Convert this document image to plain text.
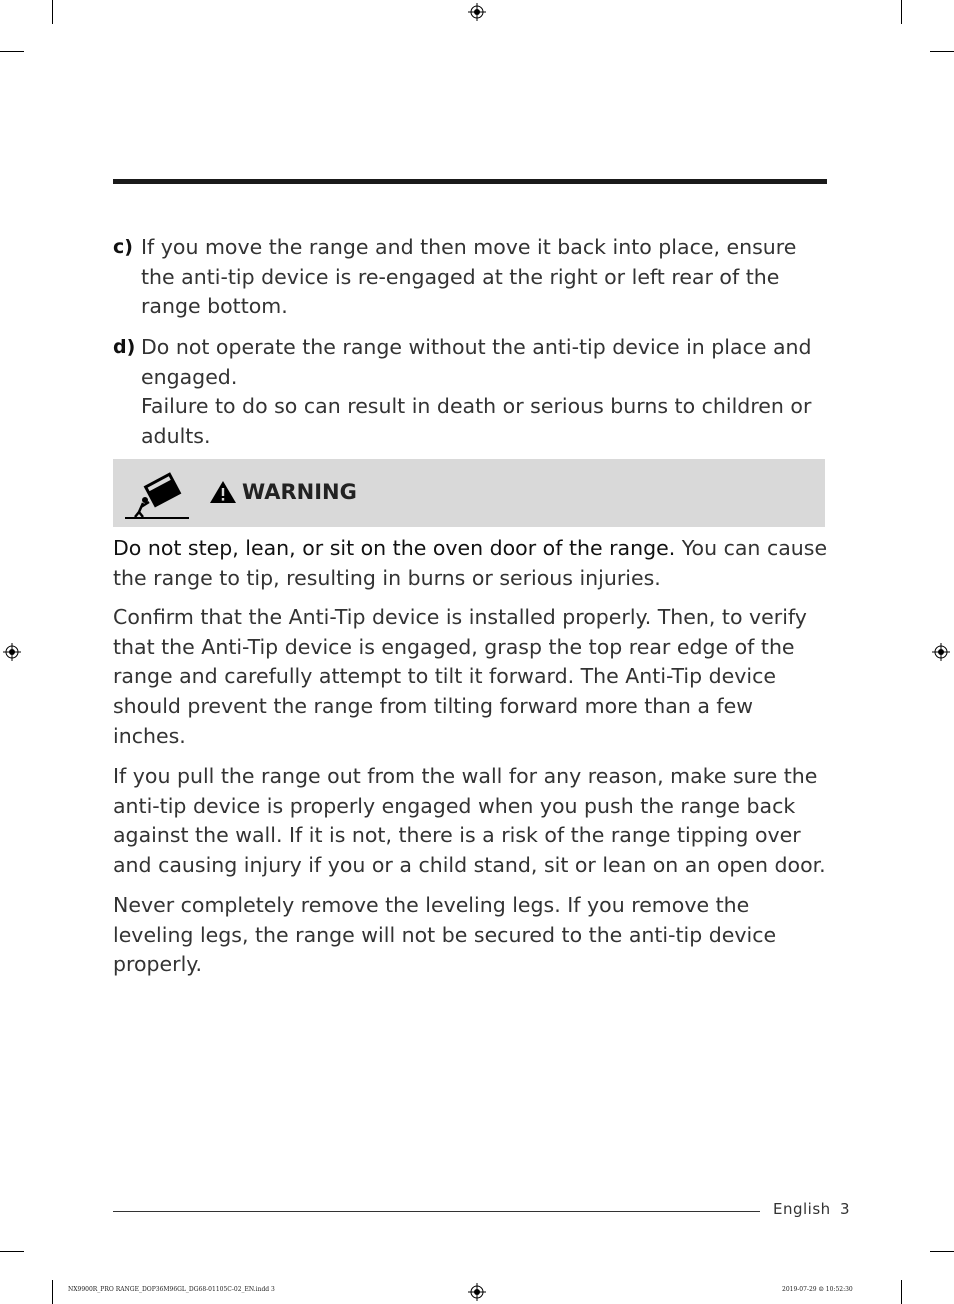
c) If you move the range and then move it back into place, ensure
the anti-tip device is re-engaged at the right or left rear of the
range bottom.
d) Do not operate the range without the anti-tip device in place and
engaged.
Failure to do so can result in death or serious burns to children or
adults.
WARNING
Do not step, lean, or sit on the oven door of the range. You can cause
the range to tip, resulting in burns or serious injuries.
Confirm that the Anti-Tip device is installed properly. Then, to verify
that the Anti-Tip device is engaged, grasp the top rear edge of the
range and carefully attempt to tilt it forward. The Anti-Tip device
should prevent the range from tilting forward more than a few
inches.
If you pull the range out from the wall for any reason, make sure the
anti-tip device is properly engaged when you push the range back
against the wall. If it is not, there is a risk of the range tipping over
and causing injury if you or a child stand, sit or lean on an open door.
Never completely remove the leveling legs. If you remove the
leveling legs, the range will not be secured to the anti-tip device
properly.
English 3
NX9900R_PRO RANGE_DOP36M96GL_DG68-01105C-02_EN.indd 3	2019-07-29 ☺ 10:52:30
